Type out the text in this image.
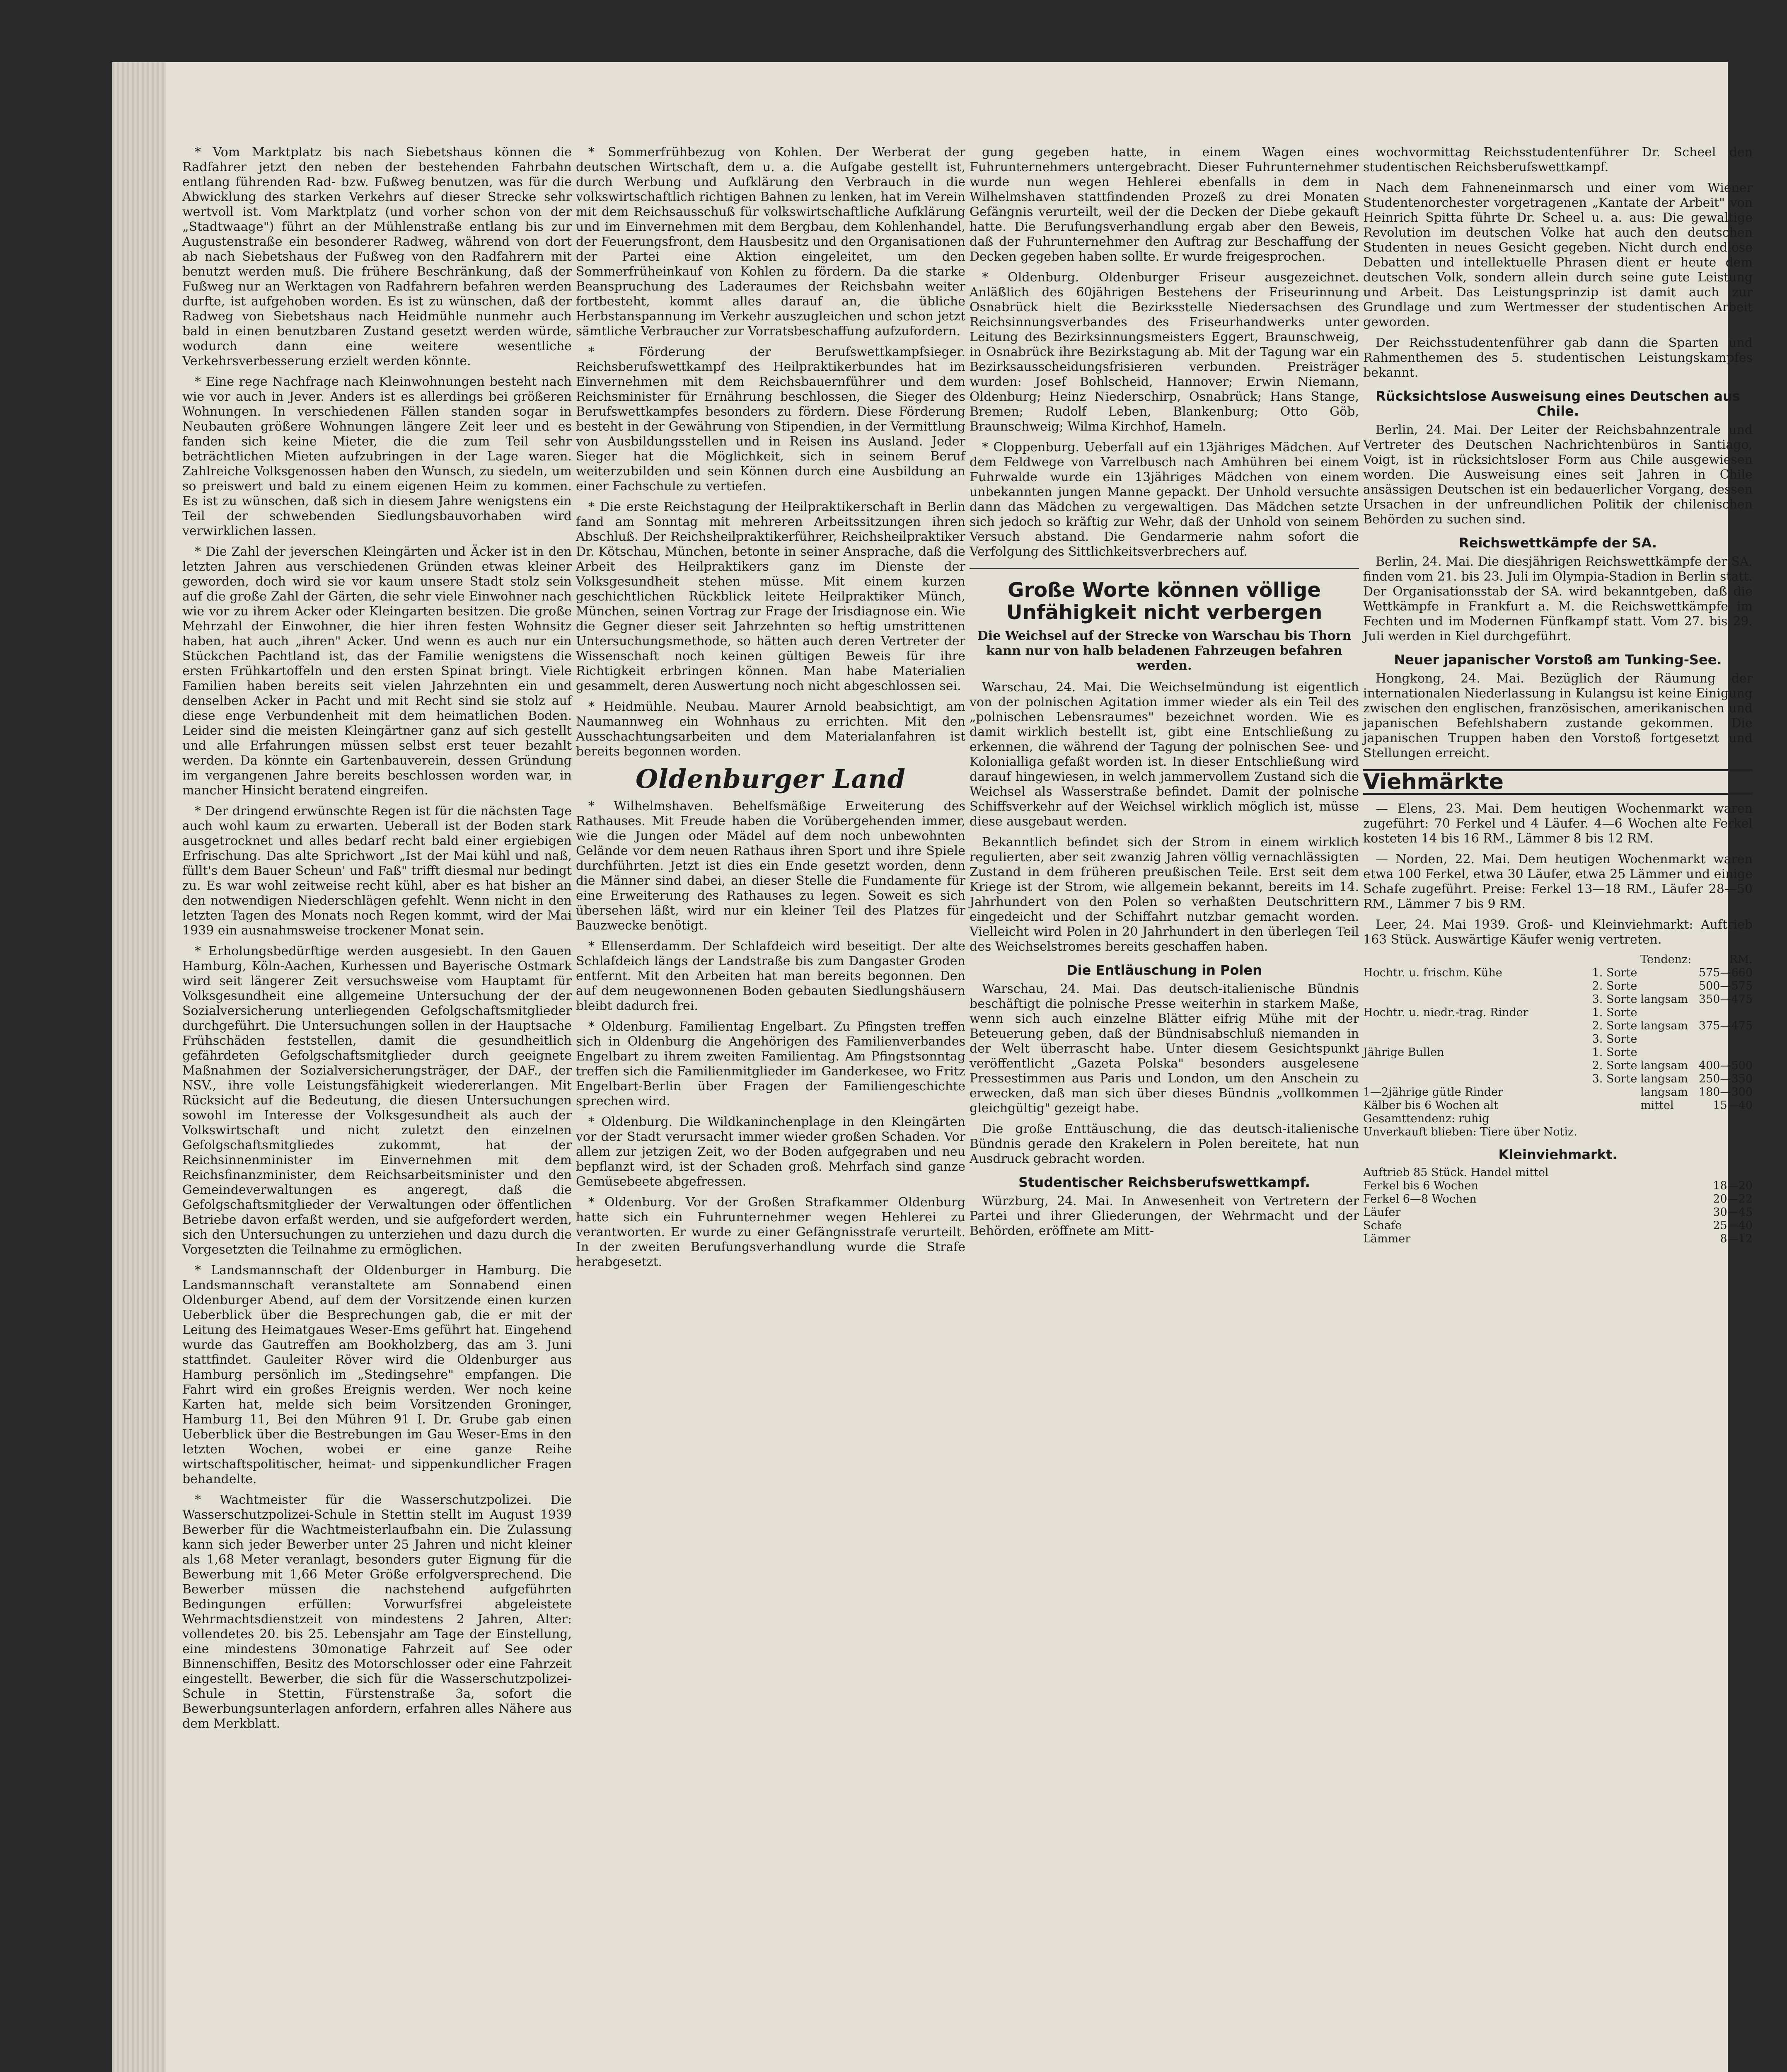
* Vom Marktplatz bis nach Siebetshaus können die Radfahrer jetzt den neben der bestehenden Fahrbahn entlang führenden Rad- bzw. Fußweg benutzen, was für die Abwicklung des starken Verkehrs auf dieser Strecke sehr wertvoll ist. Vom Marktplatz (und vorher schon von der „Stadtwaage") führt an der Mühlenstraße entlang bis zur Augustenstraße ein besonderer Radweg, während von dort ab nach Siebetshaus der Fußweg von den Radfahrern mit benutzt werden muß. Die frühere Beschränkung, daß der Fußweg nur an Werktagen von Radfahrern befahren werden durfte, ist aufgehoben worden. Es ist zu wünschen, daß der Radweg von Siebetshaus nach Heidmühle nunmehr auch bald in einen benutzbaren Zustand gesetzt werden würde, wodurch dann eine weitere wesentliche Verkehrsverbesserung erzielt werden könnte.

* Eine rege Nachfrage nach Kleinwohnungen besteht nach wie vor auch in Jever. Anders ist es allerdings bei größeren Wohnungen. In verschiedenen Fällen standen sogar in Neubauten größere Wohnungen längere Zeit leer und es fanden sich keine Mieter, die die zum Teil sehr beträchtlichen Mieten aufzubringen in der Lage waren. Zahlreiche Volksgenossen haben den Wunsch, zu siedeln, um so preiswert und bald zu einem eigenen Heim zu kommen. Es ist zu wünschen, daß sich in diesem Jahre wenigstens ein Teil der schwebenden Siedlungsbauvorhaben wird verwirklichen lassen.

* Die Zahl der jeverschen Kleingärten und Äcker ist in den letzten Jahren aus verschiedenen Gründen etwas kleiner geworden, doch wird sie vor kaum unsere Stadt stolz sein auf die große Zahl der Gärten, die sehr viele Einwohner nach wie vor zu ihrem Acker oder Kleingarten besitzen. Die große Mehrzahl der Einwohner, die hier ihren festen Wohnsitz haben, hat auch „ihren" Acker. Und wenn es auch nur ein Stückchen Pachtland ist, das der Familie wenigstens die ersten Frühkartoffeln und den ersten Spinat bringt. Viele Familien haben bereits seit vielen Jahrzehnten ein und denselben Acker in Pacht und mit Recht sind sie stolz auf diese enge Verbundenheit mit dem heimatlichen Boden. Leider sind die meisten Kleingärtner ganz auf sich gestellt und alle Erfahrungen müssen selbst erst teuer bezahlt werden. Da könnte ein Gartenbauverein, dessen Gründung im vergangenen Jahre bereits beschlossen worden war, in mancher Hinsicht beratend eingreifen.

* Der dringend erwünschte Regen ist für die nächsten Tage auch wohl kaum zu erwarten. Ueberall ist der Boden stark ausgetrocknet und alles bedarf recht bald einer ergiebigen Erfrischung. Das alte Sprichwort „Ist der Mai kühl und naß, füllt's dem Bauer Scheun' und Faß" trifft diesmal nur bedingt zu. Es war wohl zeitweise recht kühl, aber es hat bisher an den notwendigen Niederschlägen gefehlt. Wenn nicht in den letzten Tagen des Monats noch Regen kommt, wird der Mai 1939 ein ausnahmsweise trockener Monat sein.

* Erholungsbedürftige werden ausgesiebt. In den Gauen Hamburg, Köln-Aachen, Kurhessen und Bayerische Ostmark wird seit längerer Zeit versuchsweise vom Hauptamt für Volksgesundheit eine allgemeine Untersuchung der der Sozialversicherung unterliegenden Gefolgschaftsmitglieder durchgeführt. Die Untersuchungen sollen in der Hauptsache Frühschäden feststellen, damit die gesundheitlich gefährdeten Gefolgschaftsmitglieder durch geeignete Maßnahmen der Sozialversicherungsträger, der DAF., der NSV., ihre volle Leistungsfähigkeit wiedererlangen. Mit Rücksicht auf die Bedeutung, die diesen Untersuchungen sowohl im Interesse der Volksgesundheit als auch der Volkswirtschaft und nicht zuletzt den einzelnen Gefolgschaftsmitgliedes zukommt, hat der Reichsinnenminister im Einvernehmen mit dem Reichsfinanzminister, dem Reichsarbeitsminister und den Gemeindeverwaltungen es angeregt, daß die Gefolgschaftsmitglieder der Verwaltungen oder öffentlichen Betriebe davon erfaßt werden, und sie aufgefordert werden, sich den Untersuchungen zu unterziehen und dazu durch die Vorgesetzten die Teilnahme zu ermöglichen.

* Landsmannschaft der Oldenburger in Hamburg. Die Landsmannschaft veranstaltete am Sonnabend einen Oldenburger Abend, auf dem der Vorsitzende einen kurzen Ueberblick über die Besprechungen gab, die er mit der Leitung des Heimatgaues Weser-Ems geführt hat. Eingehend wurde das Gautreffen am Bookholzberg, das am 3. Juni stattfindet. Gauleiter Röver wird die Oldenburger aus Hamburg persönlich im „Stedingsehre" empfangen. Die Fahrt wird ein großes Ereignis werden. Wer noch keine Karten hat, melde sich beim Vorsitzenden Groninger, Hamburg 11, Bei den Mühren 91 I. Dr. Grube gab einen Ueberblick über die Bestrebungen im Gau Weser-Ems in den letzten Wochen, wobei er eine ganze Reihe wirtschaftspolitischer, heimat- und sippenkundlicher Fragen behandelte.

* Wachtmeister für die Wasserschutzpolizei. Die Wasserschutzpolizei-Schule in Stettin stellt im August 1939 Bewerber für die Wachtmeisterlaufbahn ein. Die Zulassung kann sich jeder Bewerber unter 25 Jahren und nicht kleiner als 1,68 Meter veranlagt, besonders guter Eignung für die Bewerbung mit 1,66 Meter Größe erfolgversprechend. Die Bewerber müssen die nachstehend aufgeführten Bedingungen erfüllen: Vorwurfsfrei abgeleistete Wehrmachtsdienstzeit von mindestens 2 Jahren, Alter: vollendetes 20. bis 25. Lebensjahr am Tage der Einstellung, eine mindestens 30monatige Fahrzeit auf See oder Binnenschiffen, Besitz des Motorschlosser oder eine Fahrzeit eingestellt. Bewerber, die sich für die Wasserschutzpolizei-Schule in Stettin, Fürstenstraße 3a, sofort die Bewerbungsunterlagen anfordern, erfahren alles Nähere aus dem Merkblatt.

* Sommerfrühbezug von Kohlen. Der Werberat der deutschen Wirtschaft, dem u. a. die Aufgabe gestellt ist, durch Werbung und Aufklärung den Verbrauch in die volkswirtschaftlich richtigen Bahnen zu lenken, hat im Verein mit dem Reichsausschuß für volkswirtschaftliche Aufklärung und im Einvernehmen mit dem Bergbau, dem Kohlenhandel, der Feuerungsfront, dem Hausbesitz und den Organisationen der Partei eine Aktion eingeleitet, um den Sommerfrüheinkauf von Kohlen zu fördern. Da die starke Beanspruchung des Laderaumes der Reichsbahn weiter fortbesteht, kommt alles darauf an, die übliche Herbstanspannung im Verkehr auszugleichen und schon jetzt sämtliche Verbraucher zur Vorratsbeschaffung aufzufordern.

* Förderung der Berufswettkampfsieger. Reichsberufswettkampf des Heilpraktikerbundes hat im Einvernehmen mit dem Reichsbauernführer und dem Reichsminister für Ernährung beschlossen, die Sieger des Berufswettkampfes besonders zu fördern. Diese Förderung besteht in der Gewährung von Stipendien, in der Vermittlung von Ausbildungsstellen und in Reisen ins Ausland. Jeder Sieger hat die Möglichkeit, sich in seinem Beruf weiterzubilden und sein Können durch eine Ausbildung an einer Fachschule zu vertiefen.

* Die erste Reichstagung der Heilpraktikerschaft in Berlin fand am Sonntag mit mehreren Arbeitssitzungen ihren Abschluß. Der Reichsheilpraktikerführer, Reichsheilpraktiker Dr. Kötschau, München, betonte in seiner Ansprache, daß die Arbeit des Heilpraktikers ganz im Dienste der Volksgesundheit stehen müsse. Mit einem kurzen geschichtlichen Rückblick leitete Heilpraktiker Münch, München, seinen Vortrag zur Frage der Irisdiagnose ein. Wie die Gegner dieser seit Jahrzehnten so heftig umstrittenen Untersuchungsmethode, so hätten auch deren Vertreter der Wissenschaft noch keinen gültigen Beweis für ihre Richtigkeit erbringen können. Man habe Materialien gesammelt, deren Auswertung noch nicht abgeschlossen sei.

* Heidmühle. Neubau. Maurer Arnold beabsichtigt, am Naumannweg ein Wohnhaus zu errichten. Mit den Ausschachtungsarbeiten und dem Materialanfahren ist bereits begonnen worden.

Oldenburger Land

* Wilhelmshaven. Behelfsmäßige Erweiterung des Rathauses. Mit Freude haben die Vorübergehenden immer, wie die Jungen oder Mädel auf dem noch unbewohnten Gelände vor dem neuen Rathaus ihren Sport und ihre Spiele durchführten. Jetzt ist dies ein Ende gesetzt worden, denn die Männer sind dabei, an dieser Stelle die Fundamente für eine Erweiterung des Rathauses zu legen. Soweit es sich übersehen läßt, wird nur ein kleiner Teil des Platzes für Bauzwecke benötigt.

* Ellenserdamm. Der Schlafdeich wird beseitigt. Der alte Schlafdeich längs der Landstraße bis zum Dangaster Groden entfernt. Mit den Arbeiten hat man bereits begonnen. Den auf dem neugewonnenen Boden gebauten Siedlungshäusern bleibt dadurch frei.

* Oldenburg. Familientag Engelbart. Zu Pfingsten treffen sich in Oldenburg die Angehörigen des Familienverbandes Engelbart zu ihrem zweiten Familientag. Am Pfingstsonntag treffen sich die Familienmitglieder im Ganderkesee, wo Fritz Engelbart-Berlin über Fragen der Familiengeschichte sprechen wird.

* Oldenburg. Die Wildkaninchenplage in den Kleingärten vor der Stadt verursacht immer wieder großen Schaden. Vor allem zur jetzigen Zeit, wo der Boden aufgegraben und neu bepflanzt wird, ist der Schaden groß. Mehrfach sind ganze Gemüsebeete abgefressen.

* Oldenburg. Vor der Großen Strafkammer Oldenburg hatte sich ein Fuhrunternehmer wegen Hehlerei zu verantworten. Er wurde zu einer Gefängnisstrafe verurteilt. In der zweiten Berufungsverhandlung wurde die Strafe herabgesetzt.

gung gegeben hatte, in einem Wagen eines Fuhrunternehmers untergebracht. Dieser Fuhrunternehmer wurde nun wegen Hehlerei ebenfalls in dem in Wilhelmshaven stattfindenden Prozeß zu drei Monaten Gefängnis verurteilt, weil der die Decken der Diebe gekauft hatte. Die Berufungsverhandlung ergab aber den Beweis, daß der Fuhrunternehmer den Auftrag zur Beschaffung der Decken gegeben haben sollte. Er wurde freigesprochen.

* Oldenburg. Oldenburger Friseur ausgezeichnet. Anläßlich des 60jährigen Bestehens der Friseurinnung Osnabrück hielt die Bezirksstelle Niedersachsen des Reichsinnungsverbandes des Friseurhandwerks unter Leitung des Bezirksinnungsmeisters Eggert, Braunschweig, in Osnabrück ihre Bezirkstagung ab. Mit der Tagung war ein Bezirksausscheidungsfrisieren verbunden. Preisträger wurden: Josef Bohlscheid, Hannover; Erwin Niemann, Oldenburg; Heinz Niederschirp, Osnabrück; Hans Stange, Bremen; Rudolf Leben, Blankenburg; Otto Göb, Braunschweig; Wilma Kirchhof, Hameln.

* Cloppenburg. Ueberfall auf ein 13jähriges Mädchen. Auf dem Feldwege von Varrelbusch nach Amhühren bei einem Fuhrwalde wurde ein 13jähriges Mädchen von einem unbekannten jungen Manne gepackt. Der Unhold versuchte dann das Mädchen zu vergewaltigen. Das Mädchen setzte sich jedoch so kräftig zur Wehr, daß der Unhold von seinem Versuch abstand. Die Gendarmerie nahm sofort die Verfolgung des Sittlichkeitsverbrechers auf.

Große Worte können völlige Unfähigkeit nicht verbergen
Die Weichsel auf der Strecke von Warschau bis Thorn kann nur von halb beladenen Fahrzeugen befahren werden.

Warschau, 24. Mai. Die Weichselmündung ist eigentlich von der polnischen Agitation immer wieder als ein Teil des „polnischen Lebensraumes" bezeichnet worden. Wie es damit wirklich bestellt ist, gibt eine Entschließung zu erkennen, die während der Tagung der polnischen See- und Kolonialliga gefaßt worden ist. In dieser Entschließung wird darauf hingewiesen, in welch jammervollem Zustand sich die Weichsel als Wasserstraße befindet. Damit der polnische Schiffsverkehr auf der Weichsel wirklich möglich ist, müsse diese ausgebaut werden.

Bekanntlich befindet sich der Strom in einem wirklich regulierten, aber seit zwanzig Jahren völlig vernachlässigten Zustand in dem früheren preußischen Teile. Erst seit dem Kriege ist der Strom, wie allgemein bekannt, bereits im 14. Jahrhundert von den Polen so verhaßten Deutschrittern eingedeicht und der Schiffahrt nutzbar gemacht worden. Vielleicht wird Polen in 20 Jahrhundert in den überlegen Teil des Weichselstromes bereits geschaffen haben.

Die Entläuschung in Polen

Warschau, 24. Mai. Das deutsch-italienische Bündnis beschäftigt die polnische Presse weiterhin in starkem Maße, wenn sich auch einzelne Blätter eifrig Mühe mit der Beteuerung geben, daß der Bündnisabschluß niemanden in der Welt überrascht habe. Unter diesem Gesichtspunkt veröffentlicht „Gazeta Polska" besonders ausgelesene Pressestimmen aus Paris und London, um den Anschein zu erwecken, daß man sich über dieses Bündnis „vollkommen gleichgültig" gezeigt habe.

Die große Enttäuschung, die das deutsch-italienische Bündnis gerade den Krakelern in Polen bereitete, hat nun Ausdruck gebracht worden.

Studentischer Reichsberufswettkampf.

Würzburg, 24. Mai. In Anwesenheit von Vertretern der Partei und ihrer Gliederungen, der Wehrmacht und der Behörden, eröffnete am Mitt-

wochvormittag Reichsstudentenführer Dr. Scheel den studentischen Reichsberufswettkampf.

Nach dem Fahneneinmarsch und einer vom Wiener Studentenorchester vorgetragenen „Kantate der Arbeit" von Heinrich Spitta führte Dr. Scheel u. a. aus: Die gewaltige Revolution im deutschen Volke hat auch den deutschen Studenten in neues Gesicht gegeben. Nicht durch endlose Debatten und intellektuelle Phrasen dient er heute dem deutschen Volk, sondern allein durch seine gute Leistung und Arbeit. Das Leistungsprinzip ist damit auch zur Grundlage und zum Wertmesser der studentischen Arbeit geworden.

Der Reichsstudentenführer gab dann die Sparten und Rahmenthemen des 5. studentischen Leistungskampfes bekannt.

Rücksichtslose Ausweisung eines Deutschen aus Chile.

Berlin, 24. Mai. Der Leiter der Reichsbahnzentrale und Vertreter des Deutschen Nachrichtenbüros in Santiago, Voigt, ist in rücksichtsloser Form aus Chile ausgewiesen worden. Die Ausweisung eines seit Jahren in Chile ansässigen Deutschen ist ein bedauerlicher Vorgang, dessen Ursachen in der unfreundlichen Politik der chilenischen Behörden zu suchen sind.

Reichswettkämpfe der SA.

Berlin, 24. Mai. Die diesjährigen Reichswettkämpfe der SA. finden vom 21. bis 23. Juli im Olympia-Stadion in Berlin statt. Der Organisationsstab der SA. wird bekanntgeben, daß die Wettkämpfe in Frankfurt a. M. die Reichswettkämpfe im Fechten und im Modernen Fünfkampf statt. Vom 27. bis 29. Juli werden in Kiel durchgeführt.

Neuer japanischer Vorstoß am Tunking-See.

Hongkong, 24. Mai. Bezüglich der Räumung der internationalen Niederlassung in Kulangsu ist keine Einigung zwischen den englischen, französischen, amerikanischen und japanischen Befehlshabern zustande gekommen. Die japanischen Truppen haben den Vorstoß fortgesetzt und Stellungen erreicht.

Viehmärkte

— Elens, 23. Mai. Dem heutigen Wochenmarkt waren zugeführt: 70 Ferkel und 4 Läufer. 4—6 Wochen alte Ferkel kosteten 14 bis 16 RM., Lämmer 8 bis 12 RM.

— Norden, 22. Mai. Dem heutigen Wochenmarkt waren etwa 100 Ferkel, etwa 30 Läufer, etwa 25 Lämmer und einige Schafe zugeführt. Preise: Ferkel 13—18 RM., Läufer 28—50 RM., Lämmer 7 bis 9 RM.

Leer, 24. Mai 1939. Groß- und Kleinviehmarkt: Auftrieb 163 Stück. Auswärtige Käufer wenig vertreten.

		Tendenz:	RM.
Hochtr. u. frischm. Kühe	1. Sorte		575—660
	2. Sorte		500—575
	3. Sorte	langsam	350—475
Hochtr. u. niedr.-trag. Rinder	1. Sorte		
	2. Sorte	langsam	375—475
	3. Sorte		
Jährige Bullen	1. Sorte		
	2. Sorte	langsam	400—500
	3. Sorte	langsam	250—350
1—2jährige gütle Rinder		langsam	180—300
Kälber bis 6 Wochen alt		mittel	15—40
Gesamttendenz: ruhig			
Unverkauft blieben: Tiere über Notiz.			
Kleinviehmarkt.
Auftrieb 85 Stück. Handel mittel			
Ferkel bis 6 Wochen			18—20
Ferkel 6—8 Wochen			20—22
Läufer			30—45
Schafe			25—40
Lämmer			8—12
